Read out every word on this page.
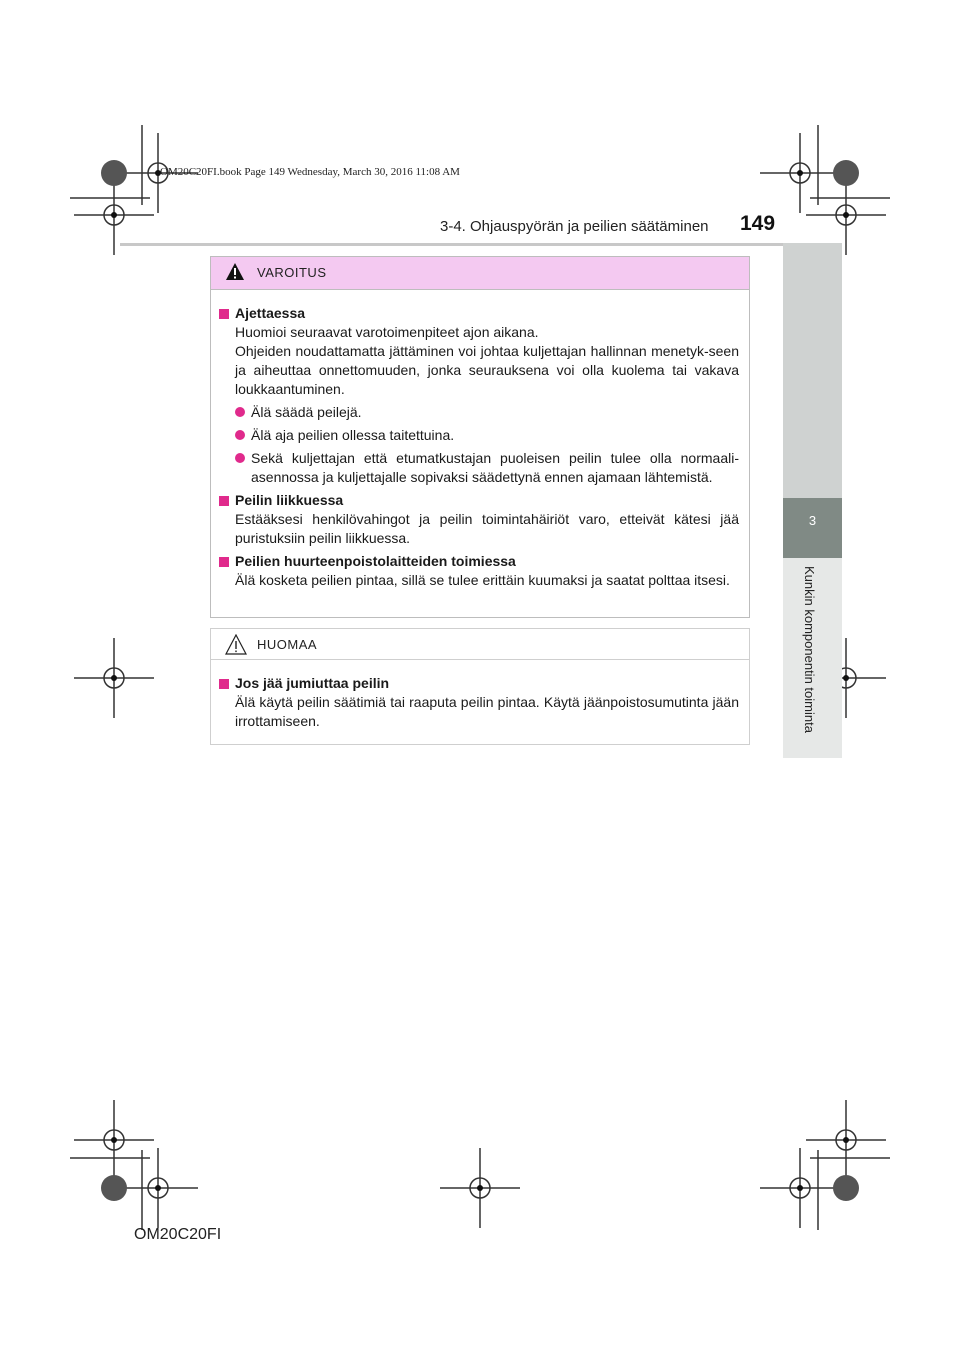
OM20C20FI.book Page 149 Wednesday, March 30, 2016 11:08 AM
3-4. Ohjauspyörän ja peilien säätäminen 149
3
Kunkin komponentin toiminta
VAROITUS
Ajettaessa
Huomioi seuraavat varotoimenpiteet ajon aikana.
Ohjeiden noudattamatta jättäminen voi johtaa kuljettajan hallinnan menetyk-seen ja aiheuttaa onnettomuuden, jonka seurauksena voi olla kuolema tai vakava loukkaantuminen.
Älä säädä peilejä.
Älä aja peilien ollessa taitettuina.
Sekä kuljettajan että etumatkustajan puoleisen peilin tulee olla normaali-asennossa ja kuljettajalle sopivaksi säädettynä ennen ajamaan lähtemistä.
Peilin liikkuessa
Estääksesi henkilövahingot ja peilin toimintahäiriöt varo, etteivät kätesi jää puristuksiin peilin liikkuessa.
Peilien huurteenpoistolaitteiden toimiessa
Älä kosketa peilien pintaa, sillä se tulee erittäin kuumaksi ja saatat polttaa itsesi.
HUOMAA
Jos jää jumiuttaa peilin
Älä käytä peilin säätimiä tai raaputa peilin pintaa. Käytä jäänpoistosumutinta jään irrottamiseen.
OM20C20FI
